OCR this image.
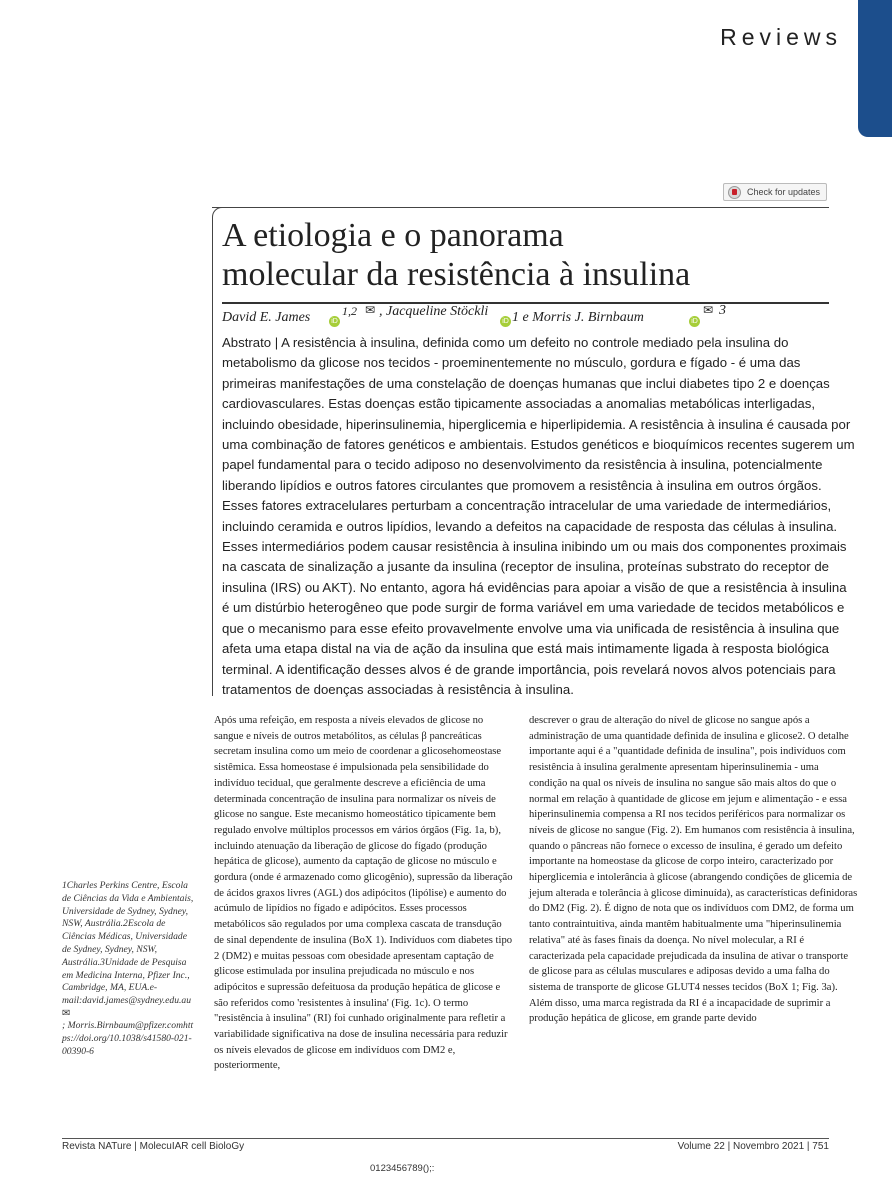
Reviews
Check for updates
A etiologia e o panorama
molecular da resistência à insulina
David E. James	iD
1,2 ✉ , Jacqueline Stöckli
iD 1 e Morris J. Birnbaum	iD
✉ 3

Abstrato | A resistência à insulina, definida como um defeito no controle mediado pela insulina do metabolismo da glicose nos tecidos - proeminentemente no músculo, gordura e fígado - é uma das primeiras manifestações de uma constelação de doenças humanas que inclui diabetes tipo 2 e doenças cardiovasculares. Estas doenças estão tipicamente associadas a anomalias metabólicas interligadas, incluindo obesidade, hiperinsulinemia, hiperglicemia e hiperlipidemia. A resistência à insulina é causada por uma combinação de fatores genéticos e ambientais. Estudos genéticos e bioquímicos recentes sugerem um papel fundamental para o tecido adiposo no desenvolvimento da resistência à insulina, potencialmente liberando lipídios e outros fatores circulantes que promovem a resistência à insulina em outros órgãos. Esses fatores extracelulares perturbam a concentração intracelular de uma variedade de intermediários, incluindo ceramida e outros lipídios, levando a defeitos na capacidade de resposta das células à insulina. Esses intermediários podem causar resistência à insulina inibindo um ou mais dos componentes proximais na cascata de sinalização a jusante da insulina (receptor de insulina, proteínas substrato do receptor de insulina (IRS) ou AKT). No entanto, agora há evidências para apoiar a visão de que a resistência à insulina é um distúrbio heterogêneo que pode surgir de forma variável em uma variedade de tecidos metabólicos e que o mecanismo para esse efeito provavelmente envolve uma via unificada de resistência à insulina que afeta uma etapa distal na via de ação da insulina que está mais intimamente ligada à resposta biológica terminal. A identificação desses alvos é de grande importância, pois revelará novos alvos potenciais para tratamentos de doenças associadas à resistência à insulina.

Após uma refeição, em resposta a níveis elevados de glicose no sangue e níveis de outros metabólitos, as células β pancreáticas secretam insulina como um meio de coordenar a glicosehomeostase sistêmica. Essa homeostase é impulsionada pela sensibilidade do indivíduo tecidual, que geralmente descreve a eficiência de uma determinada concentração de insulina para normalizar os níveis de glicose no sangue. Este mecanismo homeostático tipicamente bem regulado envolve múltiplos processos em vários órgãos (Fig. 1a, b), incluindo atenuação da liberação de glicose do fígado (produção hepática de glicose), aumento da captação de glicose no músculo e gordura (onde é armazenado como glicogênio), supressão da liberação de ácidos graxos livres (AGL) dos adipócitos (lipólise) e aumento do acúmulo de lipídios no fígado e adipócitos. Esses processos metabólicos são regulados por uma complexa cascata de transdução de sinal dependente de insulina (BoX 1). Indivíduos com diabetes tipo 2 (DM2) e muitas pessoas com obesidade apresentam captação de glicose estimulada por insulina prejudicada no músculo e nos adipócitos e supressão defeituosa da produção hepática de glicose e são referidos como 'resistentes à insulina' (Fig. 1c). O termo "resistência à insulina" (RI) foi cunhado originalmente para refletir a variabilidade significativa na dose de insulina necessária para reduzir os níveis elevados de glicose em indivíduos com DM2 e, posteriormente,

descrever o grau de alteração do nível de glicose no sangue após a administração de uma quantidade definida de insulina e glicose2. O detalhe importante aqui é a "quantidade definida de insulina", pois indivíduos com resistência à insulina geralmente apresentam hiperinsulinemia - uma condição na qual os níveis de insulina no sangue são mais altos do que o normal em relação à quantidade de glicose em jejum e alimentação - e essa hiperinsulinemia compensa a RI nos tecidos periféricos para normalizar os níveis de glicose no sangue (Fig. 2). Em humanos com resistência à insulina, quando o pâncreas não fornece o excesso de insulina, é gerado um defeito importante na homeostase da glicose de corpo inteiro, caracterizado por hiperglicemia e intolerância à glicose (abrangendo condições de glicemia de jejum alterada e tolerância à glicose diminuída), as características definidoras do DM2 (Fig. 2). É digno de nota que os indivíduos com DM2, de forma um tanto contraintuitiva, ainda mantêm habitualmente uma "hiperinsulinemia relativa" até às fases finais da doença. No nível molecular, a RI é caracterizada pela capacidade prejudicada da insulina de ativar o transporte de glicose para as células musculares e adiposas devido a uma falha do sistema de transporte de glicose GLUT4 nesses tecidos (BoX 1; Fig. 3a). Além disso, uma marca registrada da RI é a incapacidade de suprimir a produção hepática de glicose, em grande parte devido

1Charles Perkins Centre, Escola de Ciências da Vida e Ambientais, Universidade de Sydney, Sydney, NSW, Austrália.2Escola de Ciências Médicas, Universidade de Sydney, Sydney, NSW, Austrália.3Unidade de Pesquisa em Medicina Interna, Pfizer Inc., Cambridge, MA, EUA.e-mail:david.james@sydney.edu.au
✉
; Morris.Birnbaum@pfizer.comhtt ps://doi.org/10.1038/s41580-021-00390-6

Revista NATure | MolecuIAR cell BioloGy	Volume 22 | Novembro 2021 | 751
0123456789();:
